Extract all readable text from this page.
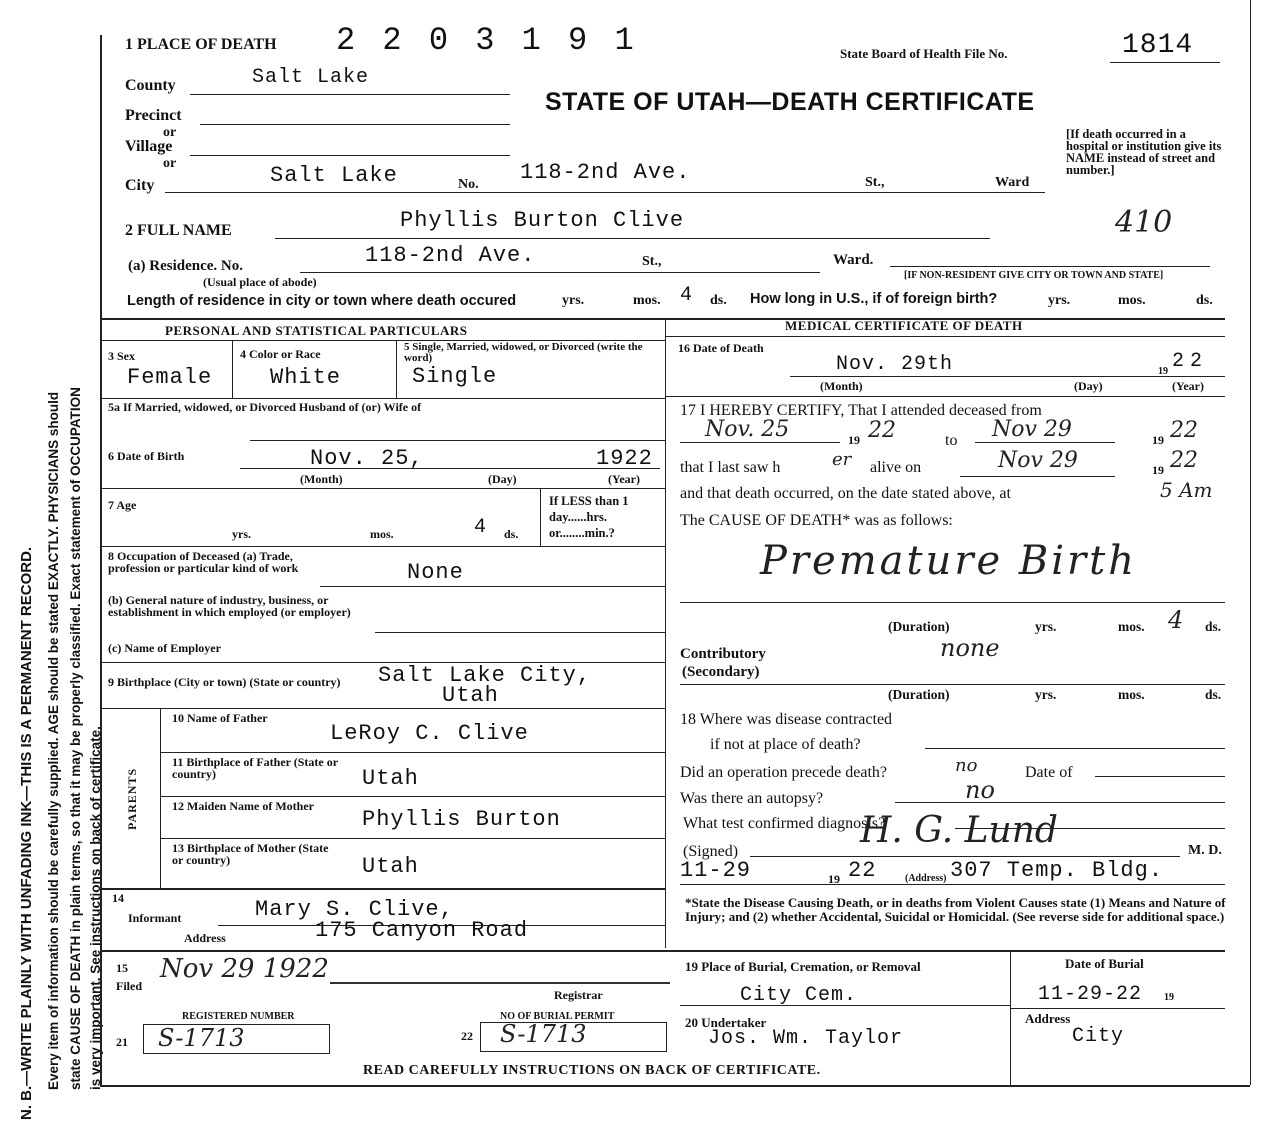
N. B.—WRITE PLAINLY WITH UNFADING INK—THIS IS A PERMANENT RECORD. Every item of information should be carefully supplied. AGE should be stated EXACTLY. PHYSICIANS should state CAUSE OF DEATH in plain terms, so that it may be properly classified. Exact statement of OCCUPATION is very important. See instructions on back of certificate.
1 PLACE OF DEATH 2 2 0 3 1 9 1	State Board of Health File No.	1814
STATE OF UTAH—DEATH CERTIFICATE
[If death occurred in a hospital or institution give its NAME instead of street and number.]
County	Salt Lake
Precinct
or
Village
or
City	Salt Lake	No. 118-2nd Ave.	St.,	Ward
2 FULL NAME	Phyllis Burton Clive	410
(a) Residence. No.	118-2nd Ave.	St.,	Ward.
(Usual place of abode)	[IF NON-RESIDENT GIVE CITY OR TOWN AND STATE]
Length of residence in city or town where death occured	yrs.	mos. 4 ds. How long in U.S., if of foreign birth?	yrs.	mos.	ds.
PERSONAL AND STATISTICAL PARTICULARS
3 Sex
Female
4 Color or Race
White
5 Single, Married, widowed, or Divorced (write the word)
Single
5a If Married, widowed, or Divorced Husband of (or) Wife of
6 Date of Birth	Nov. 25,	1922
(Month)	(Day)	(Year)
7 Age
yrs.	mos.	4 ds.
If LESS than 1 day......hrs. or........min.?
8 Occupation of Deceased (a) Trade, profession or particular kind of work	None
(b) General nature of industry, business, or establishment in which employed (or employer)
(c) Name of Employer
9 Birthplace (City or town) (State or country)	Salt Lake City,
Utah
PARENTS
10 Name of Father
LeRoy C. Clive
11 Birthplace of Father (State or country)	Utah
12 Maiden Name of Mother
Phyllis Burton
13 Birthplace of Mother (State or country)	Utah
14
Informant	Mary S. Clive,
Address	175 Canyon Road
15
Filed
Nov 29 1922
Registrar
21
REGISTERED NUMBER
S-1713	22
NO OF BURIAL PERMIT
S-1713
MEDICAL CERTIFICATE OF DEATH
16 Date of Death
Nov. 29th	19 22
(Month)	(Day)	(Year)
17 I HEREBY CERTIFY, That I attended deceased from
Nov. 25	19 22	to Nov 29	19 22
that I last saw h	er alive on	Nov 29	19 22
and that death occurred, on the date stated above, at	5 Am
The CAUSE OF DEATH* was as follows:
Premature Birth
(Duration)	yrs.	mos. 4 ds.
Contributory
(Secondary)
none
(Duration)	yrs.	mos.	ds.
18 Where was disease contracted
if not at place of death?
Did an operation precede death?	no	Date of
Was there an autopsy?	no
What test confirmed diagnosis?
(Signed)
H. G. Lund	M. D.
11-29	19 22	(Address) 307 Temp. Bldg.
*State the Disease Causing Death, or in deaths from Violent Causes state (1) Means and Nature of Injury; and (2) whether Accidental, Suicidal or Homicidal. (See reverse side for additional space.)
19 Place of Burial, Cremation, or Removal
City Cem.
Date of Burial
11-29-22 19
20 Undertaker
Jos. Wm. Taylor
Address
City
READ CAREFULLY INSTRUCTIONS ON BACK OF CERTIFICATE.
